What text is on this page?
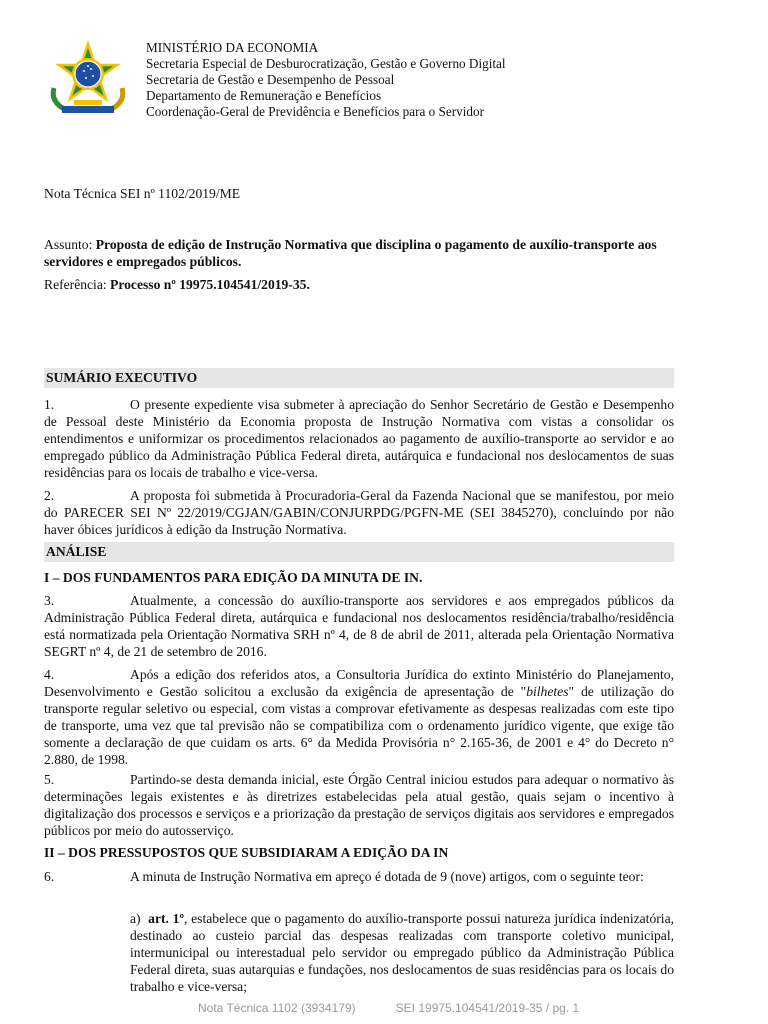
MINISTÉRIO DA ECONOMIA
Secretaria Especial de Desburocratização, Gestão e Governo Digital
Secretaria de Gestão e Desempenho de Pessoal
Departamento de Remuneração e Benefícios
Coordenação-Geral de Previdência e Benefícios para o Servidor
Nota Técnica SEI nº 1102/2019/ME
Assunto: Proposta de edição de Instrução Normativa que disciplina o pagamento de auxílio-transporte aos servidores e empregados públicos.
Referência: Processo nº 19975.104541/2019-35.
SUMÁRIO EXECUTIVO
1.	O presente expediente visa submeter à apreciação do Senhor Secretário de Gestão e Desempenho de Pessoal deste Ministério da Economia proposta de Instrução Normativa com vistas a consolidar os entendimentos e uniformizar os procedimentos relacionados ao pagamento de auxílio-transporte ao servidor e ao empregado público da Administração Pública Federal direta, autárquica e fundacional nos deslocamentos de suas residências para os locais de trabalho e vice-versa.
2.	A proposta foi submetida à Procuradoria-Geral da Fazenda Nacional que se manifestou, por meio do PARECER SEI Nº 22/2019/CGJAN/GABIN/CONJURPDG/PGFN-ME (SEI 3845270), concluindo por não haver óbices jurídicos à edição da Instrução Normativa.
ANÁLISE
I – DOS FUNDAMENTOS PARA EDIÇÃO DA MINUTA DE IN.
3.	Atualmente, a concessão do auxílio-transporte aos servidores e aos empregados públicos da Administração Pública Federal direta, autárquica e fundacional nos deslocamentos residência/trabalho/residência está normatizada pela Orientação Normativa SRH nº 4, de 8 de abril de 2011, alterada pela Orientação Normativa SEGRT nº 4, de 21 de setembro de 2016.
4.	Após a edição dos referidos atos, a Consultoria Jurídica do extinto Ministério do Planejamento, Desenvolvimento e Gestão solicitou a exclusão da exigência de apresentação de "bilhetes" de utilização do transporte regular seletivo ou especial, com vistas a comprovar efetivamente as despesas realizadas com este tipo de transporte, uma vez que tal previsão não se compatibiliza com o ordenamento jurídico vigente, que exige tão somente a declaração de que cuidam os arts. 6° da Medida Provisória n° 2.165-36, de 2001 e 4° do Decreto n° 2.880, de 1998.
5.	Partindo-se desta demanda inicial, este Órgão Central iniciou estudos para adequar o normativo às determinações legais existentes e às diretrizes estabelecidas pela atual gestão, quais sejam o incentivo à digitalização dos processos e serviços e a priorização da prestação de serviços digitais aos servidores e empregados públicos por meio do autosserviço.
II – DOS PRESSUPOSTOS QUE SUBSIDIARAM A EDIÇÃO DA IN
6.	A minuta de Instrução Normativa em apreço é dotada de 9 (nove) artigos, com o seguinte teor:
a) art. 1º, estabelece que o pagamento do auxílio-transporte possui natureza jurídica indenizatória, destinado ao custeio parcial das despesas realizadas com transporte coletivo municipal, intermunicipal ou interestadual pelo servidor ou empregado público da Administração Pública Federal direta, suas autarquias e fundações, nos deslocamentos de suas residências para os locais do trabalho e vice-versa;
Nota Técnica 1102 (3934179)	SEI 19975.104541/2019-35 / pg. 1
